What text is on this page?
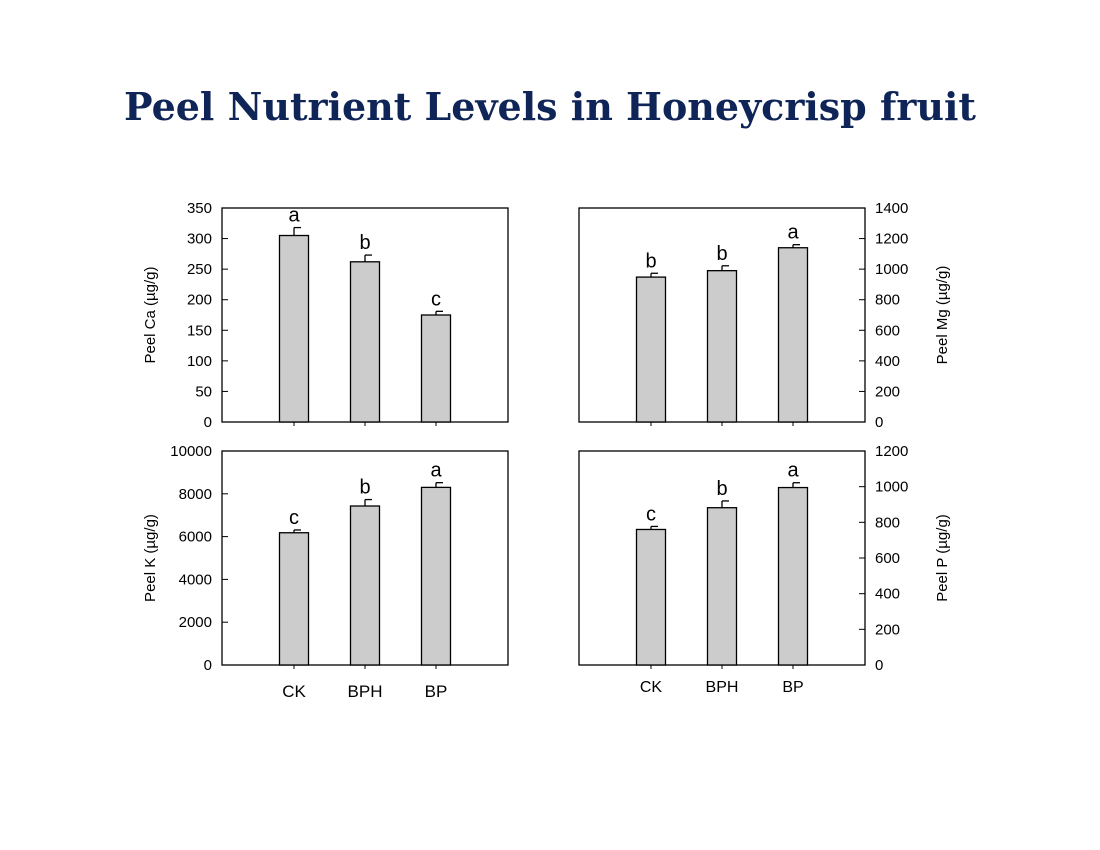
Peel Nutrient Levels in Honeycrisp fruit
0
50
100
150
200
250
300
350	a
b
c
Peel Ca (µg/g)
0
200
400
600
800
1000
1200
1400
b	b
a
Peel Mg (µg/g)
0
2000
4000
6000
8000
10000
c
b
a
CK BPH BP
Peel K (µg/g)
0
200
400
600
800
1000
1200
c
b
a
CK	BPH	BP
Peel P (µg/g)
